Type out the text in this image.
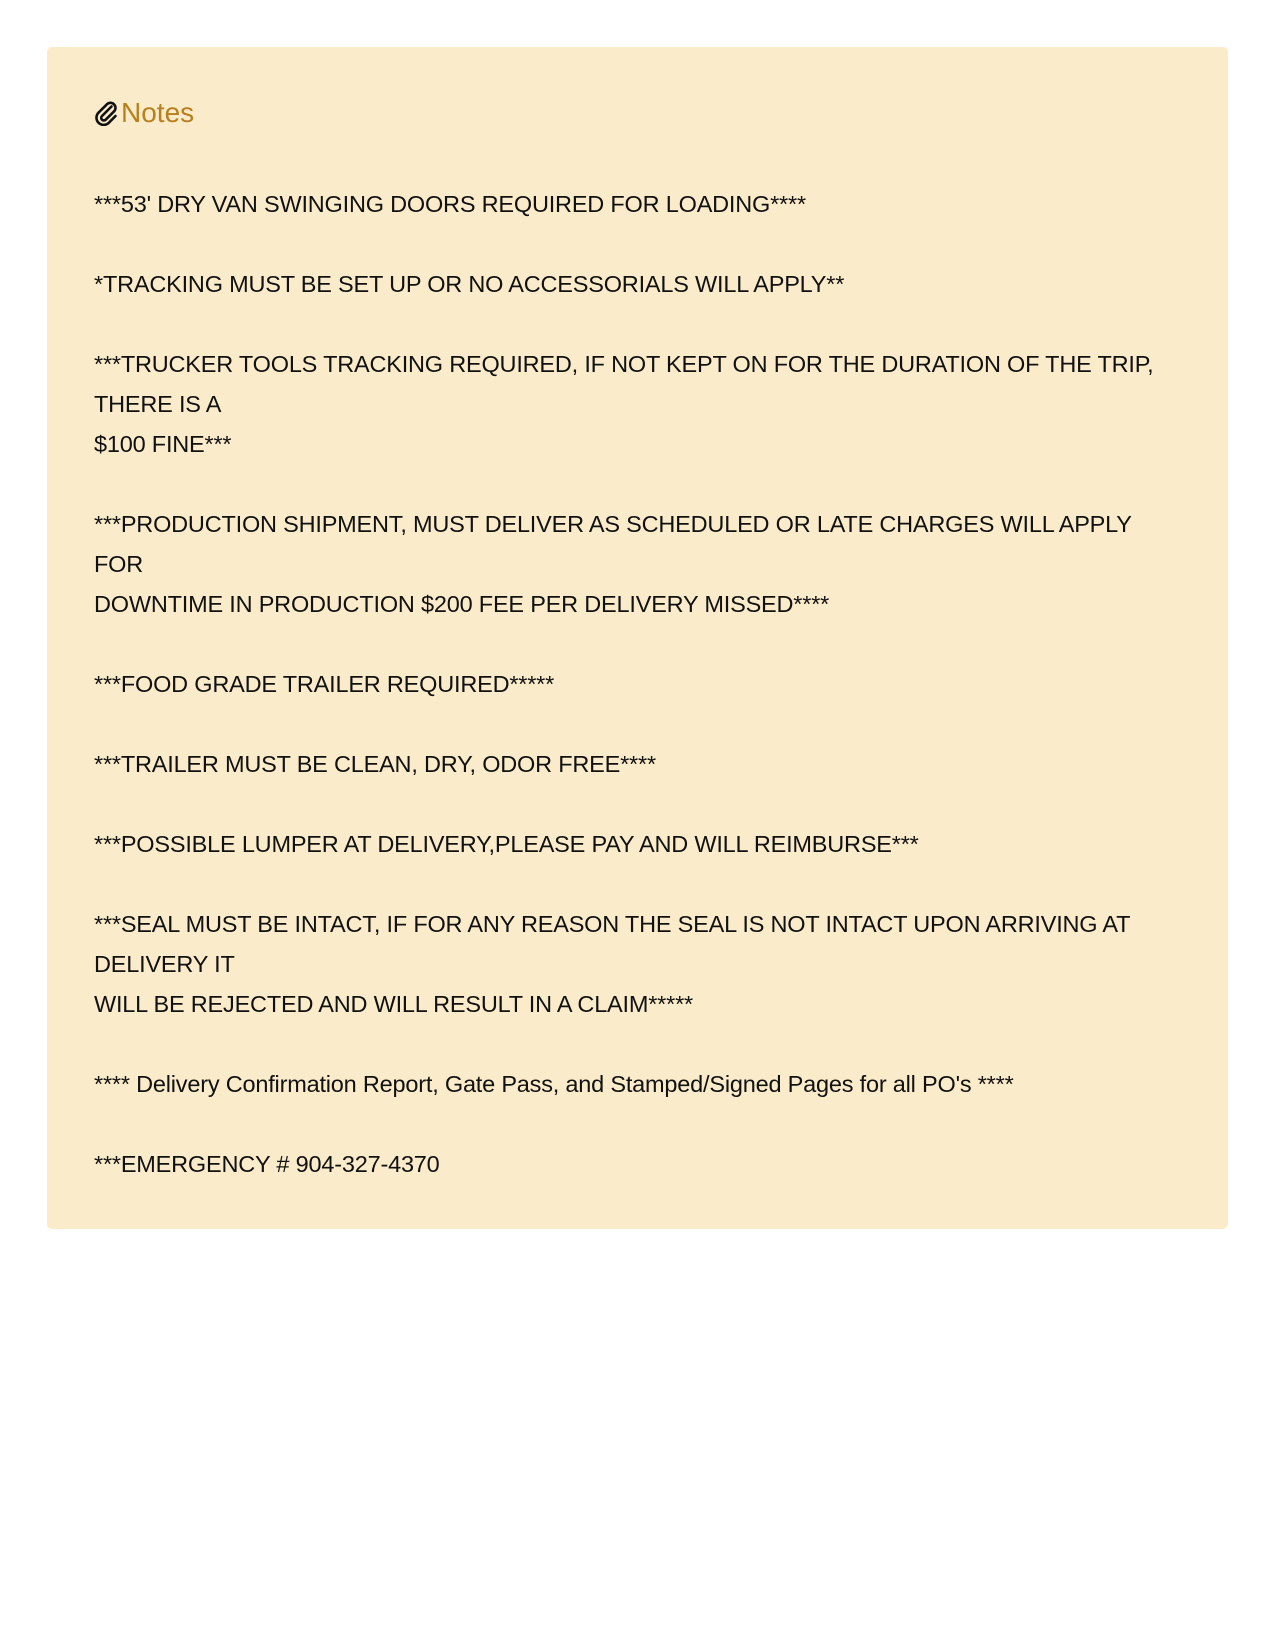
Notes
***53' DRY VAN SWINGING DOORS REQUIRED FOR LOADING****
*TRACKING MUST BE SET UP OR NO ACCESSORIALS WILL APPLY**
***TRUCKER TOOLS TRACKING REQUIRED, IF NOT KEPT ON FOR THE DURATION OF THE TRIP,
THERE IS A
$100 FINE***
***PRODUCTION SHIPMENT, MUST DELIVER AS SCHEDULED OR LATE CHARGES WILL APPLY
FOR
DOWNTIME IN PRODUCTION $200 FEE PER DELIVERY MISSED****
***FOOD GRADE TRAILER REQUIRED*****
***TRAILER MUST BE CLEAN, DRY, ODOR FREE****
***POSSIBLE LUMPER AT DELIVERY,PLEASE PAY AND WILL REIMBURSE***
***SEAL MUST BE INTACT, IF FOR ANY REASON THE SEAL IS NOT INTACT UPON ARRIVING AT
DELIVERY IT
WILL BE REJECTED AND WILL RESULT IN A CLAIM*****
**** Delivery Confirmation Report, Gate Pass, and Stamped/Signed Pages for all PO's ****
***EMERGENCY # 904-327-4370
